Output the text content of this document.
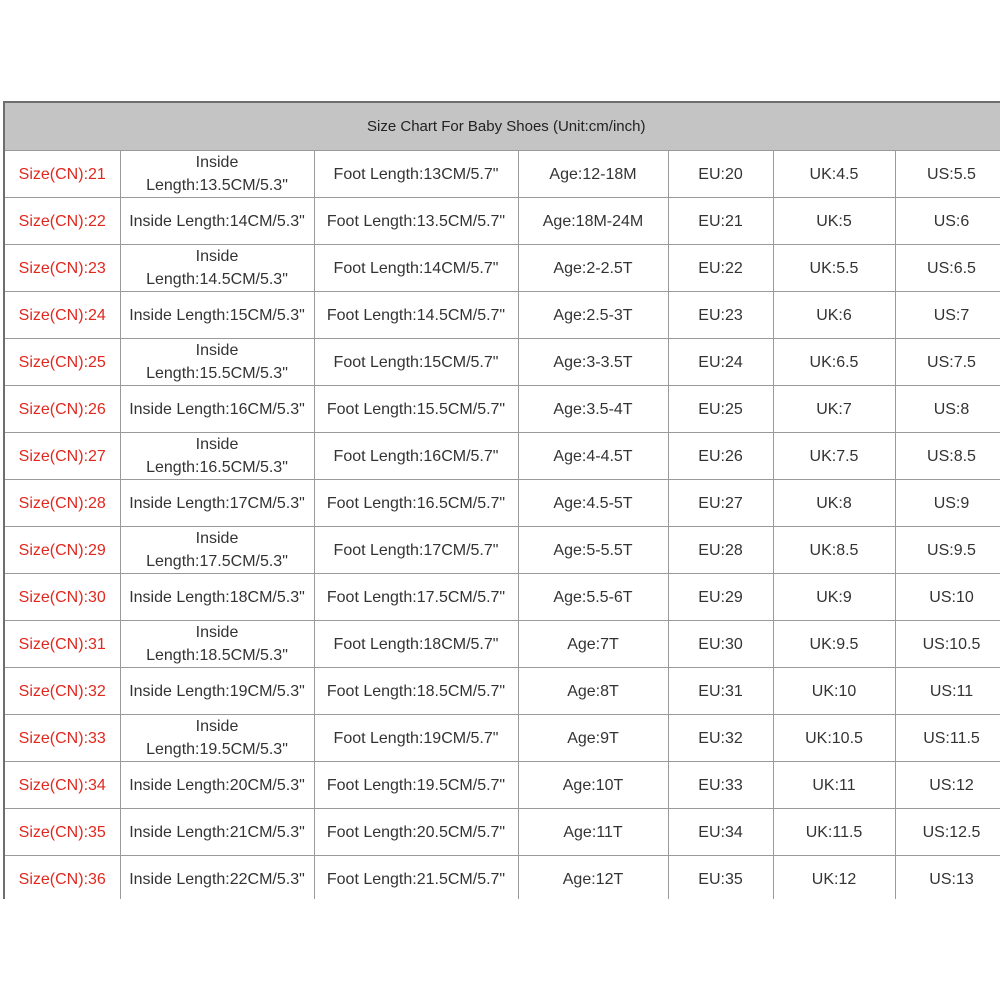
Size Chart For Baby Shoes (Unit:cm/inch)						
Size(CN):21	Inside Length:13.5CM/5.3"	Foot Length:13CM/5.7"	Age:12-18M	EU:20	UK:4.5	US:5.5
Size(CN):22	Inside Length:14CM/5.3"	Foot Length:13.5CM/5.7"	Age:18M-24M	EU:21	UK:5	US:6
Size(CN):23	Inside Length:14.5CM/5.3"	Foot Length:14CM/5.7"	Age:2-2.5T	EU:22	UK:5.5	US:6.5
Size(CN):24	Inside Length:15CM/5.3"	Foot Length:14.5CM/5.7"	Age:2.5-3T	EU:23	UK:6	US:7
Size(CN):25	Inside Length:15.5CM/5.3"	Foot Length:15CM/5.7"	Age:3-3.5T	EU:24	UK:6.5	US:7.5
Size(CN):26	Inside Length:16CM/5.3"	Foot Length:15.5CM/5.7"	Age:3.5-4T	EU:25	UK:7	US:8
Size(CN):27	Inside Length:16.5CM/5.3"	Foot Length:16CM/5.7"	Age:4-4.5T	EU:26	UK:7.5	US:8.5
Size(CN):28	Inside Length:17CM/5.3"	Foot Length:16.5CM/5.7"	Age:4.5-5T	EU:27	UK:8	US:9
Size(CN):29	Inside Length:17.5CM/5.3"	Foot Length:17CM/5.7"	Age:5-5.5T	EU:28	UK:8.5	US:9.5
Size(CN):30	Inside Length:18CM/5.3"	Foot Length:17.5CM/5.7"	Age:5.5-6T	EU:29	UK:9	US:10
Size(CN):31	Inside Length:18.5CM/5.3"	Foot Length:18CM/5.7"	Age:7T	EU:30	UK:9.5	US:10.5
Size(CN):32	Inside Length:19CM/5.3"	Foot Length:18.5CM/5.7"	Age:8T	EU:31	UK:10	US:11
Size(CN):33	Inside Length:19.5CM/5.3"	Foot Length:19CM/5.7"	Age:9T	EU:32	UK:10.5	US:11.5
Size(CN):34	Inside Length:20CM/5.3"	Foot Length:19.5CM/5.7"	Age:10T	EU:33	UK:11	US:12
Size(CN):35	Inside Length:21CM/5.3"	Foot Length:20.5CM/5.7"	Age:11T	EU:34	UK:11.5	US:12.5
Size(CN):36	Inside Length:22CM/5.3"	Foot Length:21.5CM/5.7"	Age:12T	EU:35	UK:12	US:13
